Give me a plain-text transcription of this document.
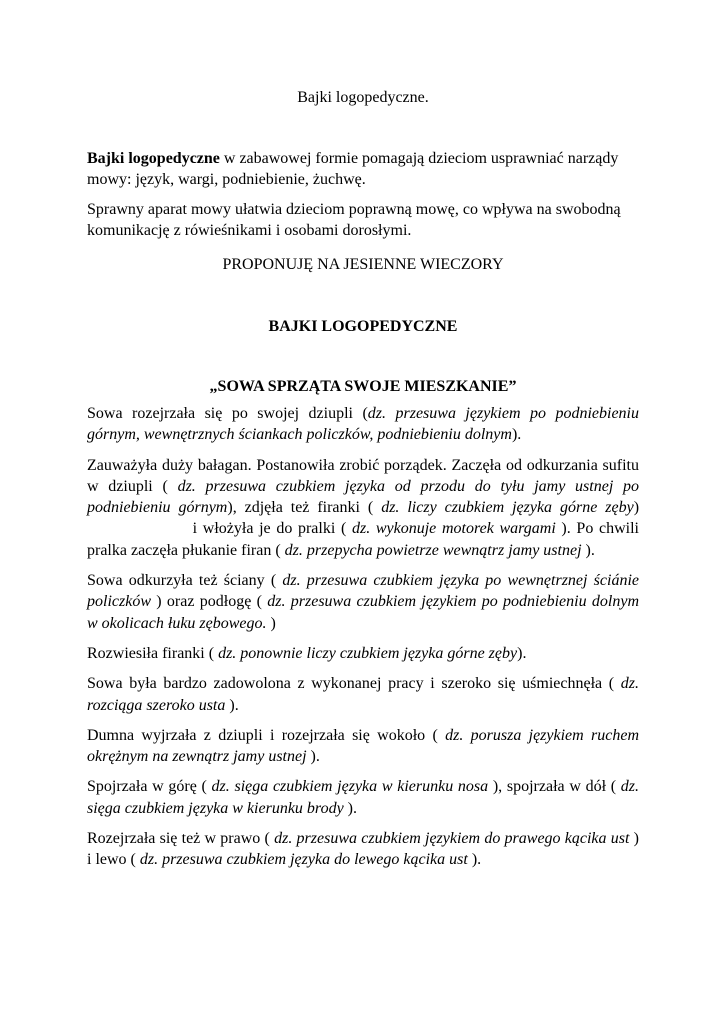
Bajki logopedyczne.

Bajki logopedyczne w zabawowej formie pomagają dzieciom usprawniać narządy mowy: język, wargi, podniebienie, żuchwę.

Sprawny aparat mowy ułatwia dzieciom poprawną mowę, co wpływa na swobodną komunikację z rówieśnikami i osobami dorosłymi.

PROPONUJĘ NA JESIENNE WIECZORY
BAJKI LOGOPEDYCZNE
„SOWA SPRZĄTA SWOJE MIESZKANIE”

Sowa rozejrzała się po swojej dziupli (dz. przesuwa językiem po podniebieniu górnym, wewnętrznych ściankach policzków, podniebieniu dolnym).

Zauważyła duży bałagan. Postanowiła zrobić porządek. Zaczęła od odkurzania sufitu w dziupli ( dz. przesuwa czubkiem języka od przodu do tyłu jamy ustnej po podniebieniu górnym), zdjęła też firanki ( dz. liczy czubkiem języka górne zęby) i włożyła je do pralki ( dz. wykonuje motorek wargami ). Po chwili pralka zaczęła płukanie firan ( dz. przepycha powietrze wewnątrz jamy ustnej ).

Sowa odkurzyła też ściany ( dz. przesuwa czubkiem języka po wewnętrznej ściánie policzków ) oraz podłogę ( dz. przesuwa czubkiem językiem po podniebieniu dolnym w okolicach łuku zębowego. )

Rozwiesiła firanki ( dz. ponownie liczy czubkiem języka górne zęby).

Sowa była bardzo zadowolona z wykonanej pracy i szeroko się uśmiechnęła ( dz. rozciąga szeroko usta ).

Dumna wyjrzała z dziupli i rozejrzała się wokoło ( dz. porusza językiem ruchem okrężnym na zewnątrz jamy ustnej ).

Spojrzała w górę ( dz. sięga czubkiem języka w kierunku nosa ), spojrzała w dół ( dz. sięga czubkiem języka w kierunku brody ).

Rozejrzała się też w prawo ( dz. przesuwa czubkiem językiem do prawego kącika ust ) i lewo ( dz. przesuwa czubkiem języka do lewego kącika ust ).
